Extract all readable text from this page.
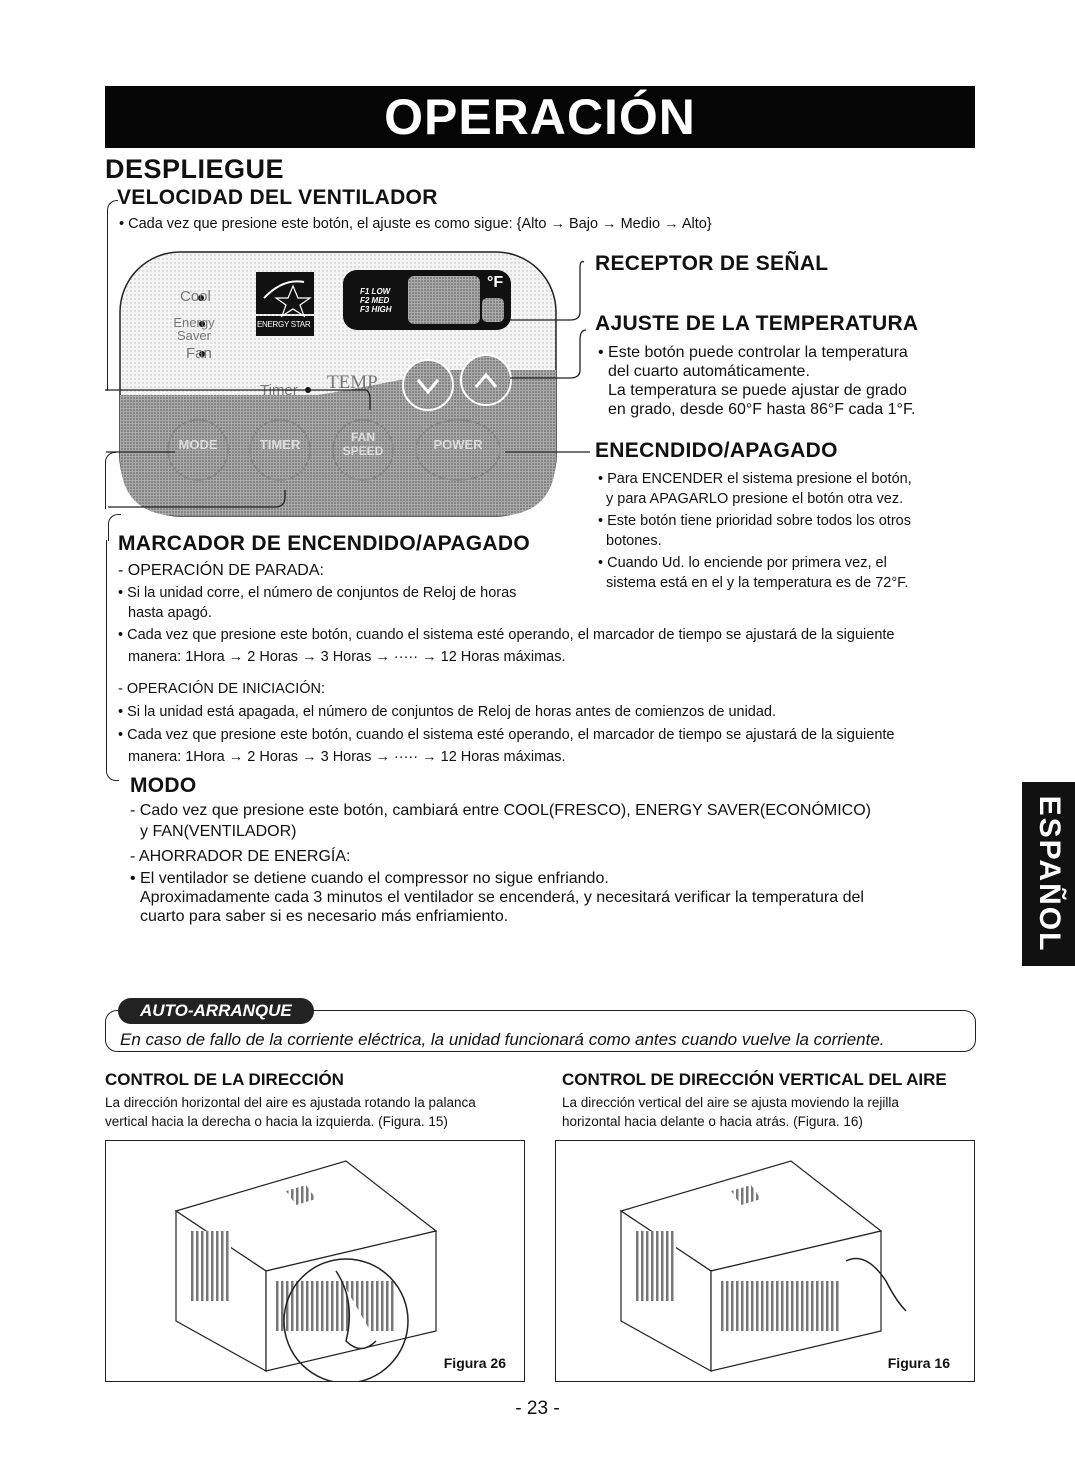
OPERACIÓN
DESPLIEGUE
VELOCIDAD DEL VENTILADOR
• Cada vez que presione este botón, el ajuste es como sigue: {Alto → Bajo → Medio → Alto}
Cool
Energy Saver
Fan
Timer TEMP
ENERGY STAR
F1 LOW
F2 MED
F3 HIGH
°F
MODE	TIMER	FAN SPEED	POWER
RECEPTOR DE SEÑAL
AJUSTE DE LA TEMPERATURA
• Este botón puede controlar la temperatura
del cuarto automáticamente.
La temperatura se puede ajustar de grado
en grado, desde 60°F hasta 86°F cada 1°F.
ENECNDIDO/APAGADO
• Para ENCENDER el sistema presione el botón,
y para APAGARLO presione el botón otra vez.
• Este botón tiene prioridad sobre todos los otros
botones.
• Cuando Ud. lo enciende por primera vez, el
sistema está en el y la temperatura es de 72°F.
MARCADOR DE ENCENDIDO/APAGADO
- OPERACIÓN DE PARADA:
• Si la unidad corre, el número de conjuntos de Reloj de horas
hasta apagó.
• Cada vez que presione este botón, cuando el sistema esté operando, el marcador de tiempo se ajustará de la siguiente
manera: 1Hora → 2 Horas → 3 Horas → ····· → 12 Horas máximas.
- OPERACIÓN DE INICIACIÓN:
• Si la unidad está apagada, el número de conjuntos de Reloj de horas antes de comienzos de unidad.
• Cada vez que presione este botón, cuando el sistema esté operando, el marcador de tiempo se ajustará de la siguiente
manera: 1Hora → 2 Horas → 3 Horas → ····· → 12 Horas máximas.
MODO
- Cado vez que presione este botón, cambiará entre COOL(FRESCO), ENERGY SAVER(ECONÓMICO)
y FAN(VENTILADOR)
- AHORRADOR DE ENERGÍA:
• El ventilador se detiene cuando el compressor no sigue enfriando.
Aproximadamente cada 3 minutos el ventilador se encenderá, y necesitará verificar la temperatura del
cuarto para saber si es necesario más enfriamiento.	ESPAÑOL
AUTO-ARRANQUE
En caso de fallo de la corriente eléctrica, la unidad funcionará como antes cuando vuelve la corriente.
CONTROL DE LA DIRECCIÓN
La dirección horizontal del aire es ajustada rotando la palanca
vertical hacia la derecha o hacia la izquierda. (Figura. 15)
Figura 26
CONTROL DE DIRECCIÓN VERTICAL DEL AIRE
La dirección vertical del aire se ajusta moviendo la rejilla
horizontal hacia delante o hacia atrás. (Figura. 16)
Figura 16
- 23 -
